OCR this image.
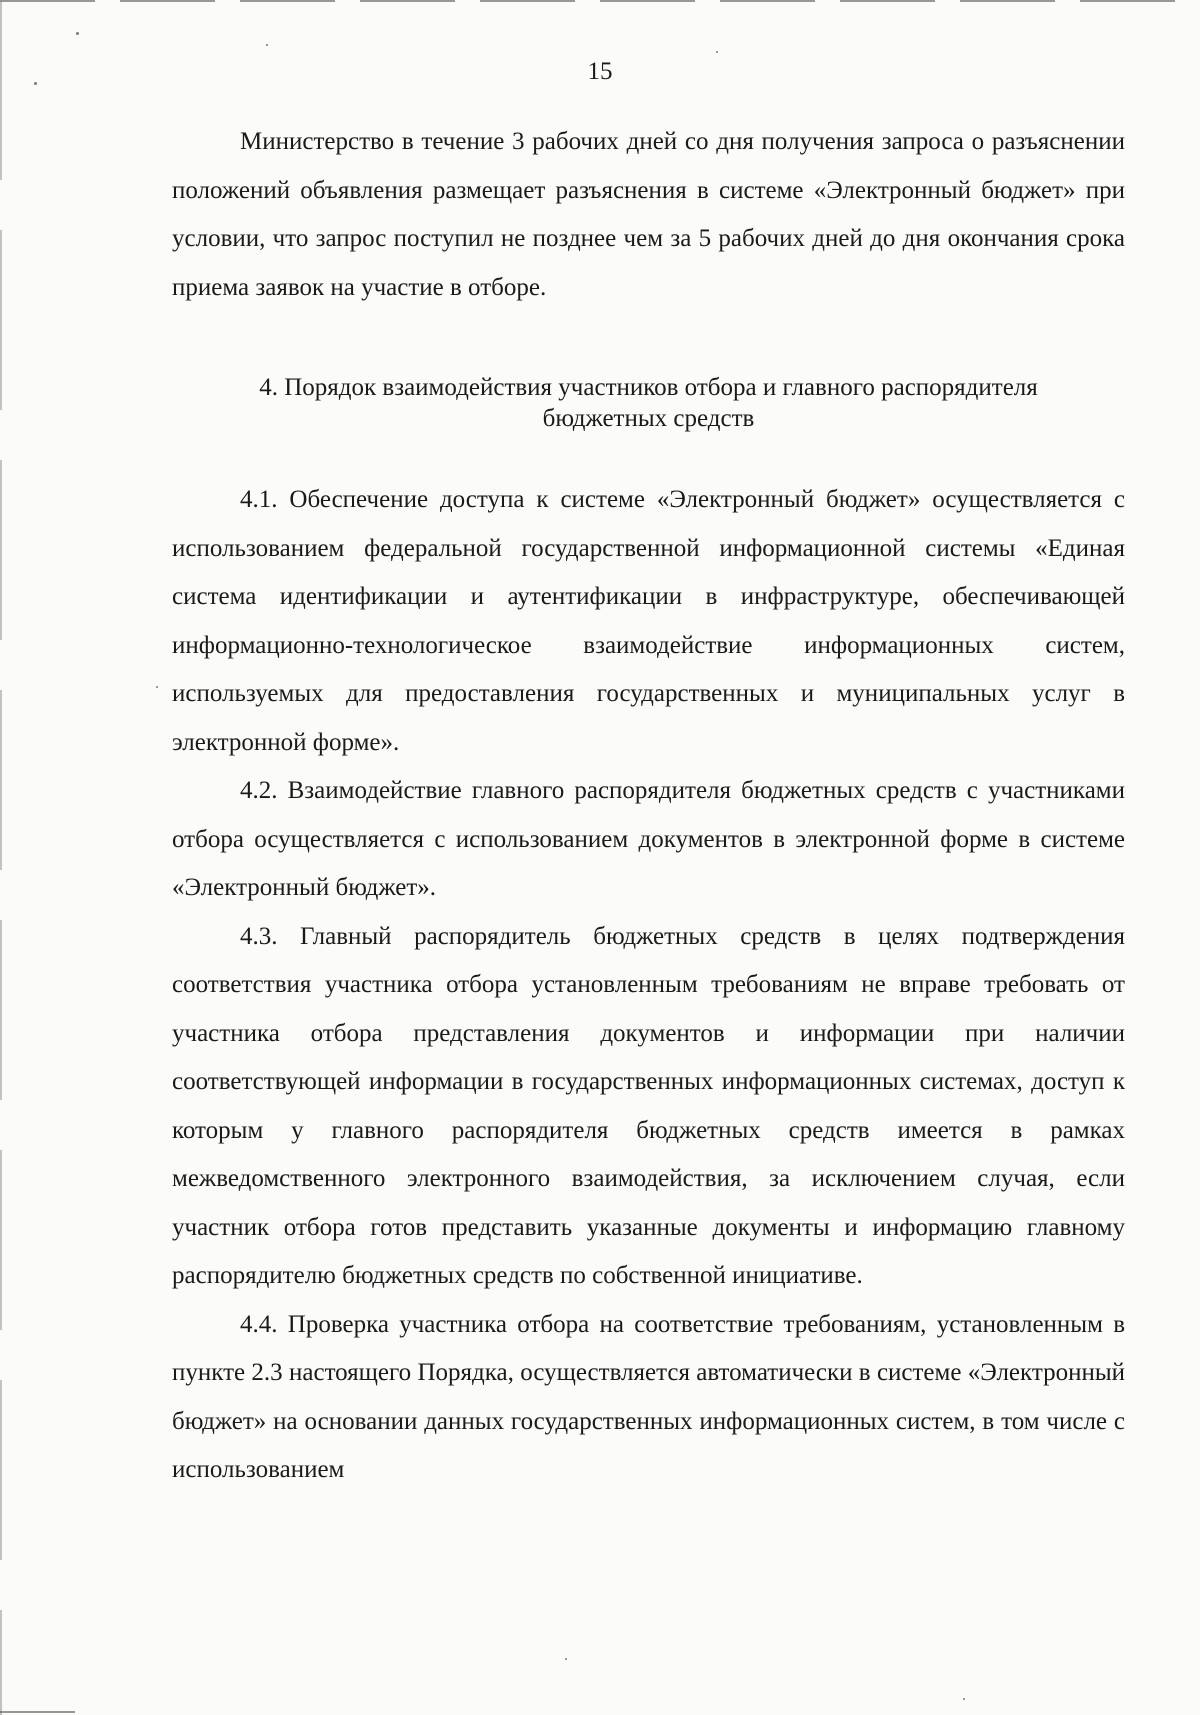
15

Министерство в течение 3 рабочих дней со дня получения запроса о разъяснении положений объявления размещает разъяснения в системе «Электронный бюджет» при условии, что запрос поступил не позднее чем за 5 рабочих дней до дня окончания срока приема заявок на участие в отборе.

4. Порядок взаимодействия участников отбора и главного распорядителя
бюджетных средств

4.1. Обеспечение доступа к системе «Электронный бюджет» осуществляется с использованием федеральной государственной информационной системы «Единая система идентификации и аутентификации в инфраструктуре, обеспечивающей информационно-технологическое взаимодействие информационных систем, используемых для предоставления государственных и муниципальных услуг в электронной форме».

4.2. Взаимодействие главного распорядителя бюджетных средств с участниками отбора осуществляется с использованием документов в электронной форме в системе «Электронный бюджет».

4.3. Главный распорядитель бюджетных средств в целях подтверждения соответствия участника отбора установленным требованиям не вправе требовать от участника отбора представления документов и информации при наличии соответствующей информации в государственных информационных системах, доступ к которым у главного распорядителя бюджетных средств имеется в рамках межведомственного электронного взаимодействия, за исключением случая, если участник отбора готов представить указанные документы и информацию главному распорядителю бюджетных средств по собственной инициативе.

4.4. Проверка участника отбора на соответствие требованиям, установленным в пункте 2.3 настоящего Порядка, осуществляется автоматически в системе «Электронный бюджет» на основании данных государственных информационных систем, в том числе с использованием
